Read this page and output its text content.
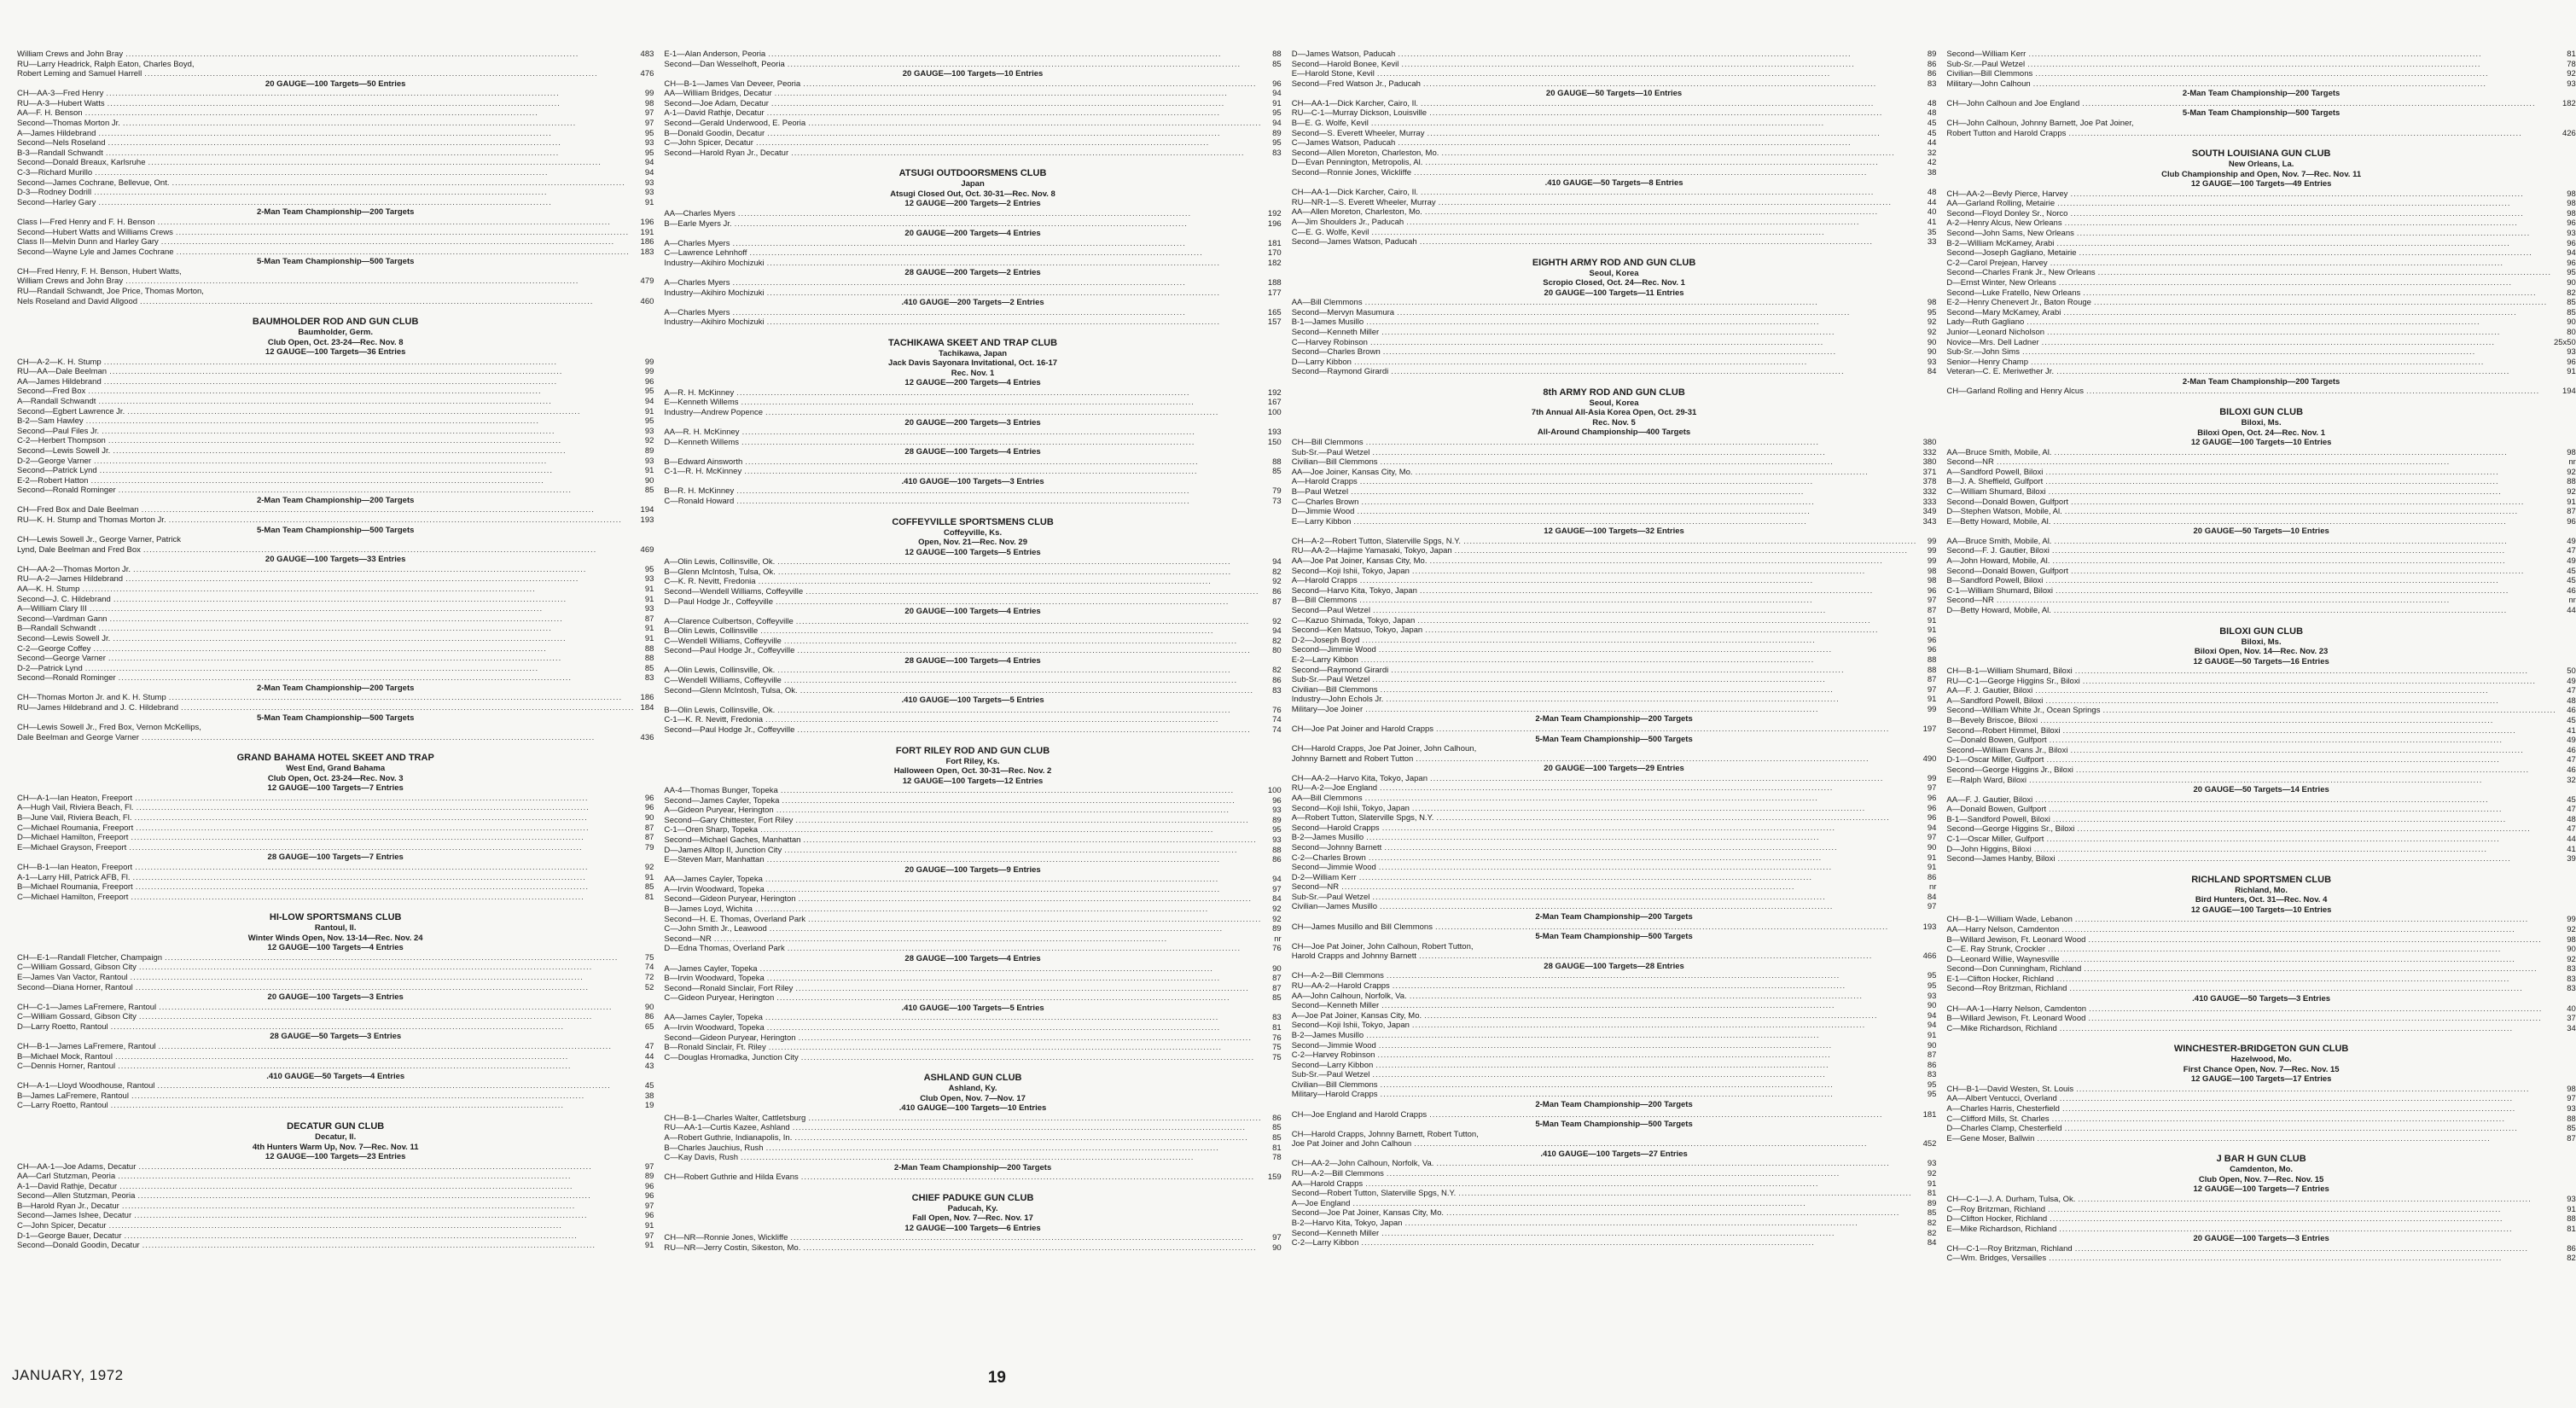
William Crews and John Bray .....	483
RU—Larry Headrick, Ralph Eaton, Charles Boyd,
Robert Leming and Samuel Harrell .....	476
20 GAUGE—100 Targets—50 Entries
CH—AA-3—Fred Henry .....	99
RU—A-3—Hubert Watts .....	98
AA—F. H. Benson .....	97
Second—Thomas Morton Jr. .....	97
A—James Hildebrand .....	95
Second—Nels Roseland .....	93
B-3—Randall Schwandt .....	95
Second—Donald Breaux, Karlsruhe .....	94
C-3—Richard Murillo .....	94
Second—James Cochrane, Bellevue, Ont. .....	93
D-3—Rodney Dodrill .....	93
Second—Harley Gary .....	91
2-Man Team Championship—200 Targets
Class I—Fred Henry and F. H. Benson .....	196
Second—Hubert Watts and Williams Crews .....	191
Class II—Melvin Dunn and Harley Gary .....	186
Second—Wayne Lyle and James Cochrane .....	183
5-Man Team Championship—500 Targets
CH—Fred Henry, F. H. Benson, Hubert Watts,
William Crews and John Bray .....	479
RU—Randall Schwandt, Joe Price, Thomas Morton,
Nels Roseland and David Allgood .....	460
BAUMHOLDER ROD AND GUN CLUB
Baumholder, Germ.
Club Open, Oct. 23-24—Rec. Nov. 8
12 GAUGE—100 Targets—36 Entries
CH—A-2—K. H. Stump .....	99
RU—AA—Dale Beelman .....	99
AA—James Hildebrand .....	96
Second—Fred Box .....	95
A—Randall Schwandt .....	94
Second—Egbert Lawrence Jr. .....	91
B-2—Sam Hawley .....	95
Second—Paul Files Jr. .....	93
C-2—Herbert Thompson .....	92
Second—Lewis Sowell Jr. .....	89
D-2—George Varner .....	93
Second—Patrick Lynd .....	91
E-2—Robert Hatton .....	90
Second—Ronald Rominger .....	85
2-Man Team Championship—200 Targets
CH—Fred Box and Dale Beelman .....	194
RU—K. H. Stump and Thomas Morton Jr. .....	193
5-Man Team Championship—500 Targets
CH—Lewis Sowell Jr., George Varner, Patrick
Lynd, Dale Beelman and Fred Box .....	469
20 GAUGE—100 Targets—33 Entries
CH—AA-2—Thomas Morton Jr. .....	95
RU—A-2—James Hildebrand .....	93
AA—K. H. Stump .....	91
Second—J. C. Hildebrand .....	91
A—William Clary III .....	93
Second—Vardman Gann .....	87
B—Randall Schwandt .....	91
Second—Lewis Sowell Jr. .....	91
C-2—George Coffey .....	88
Second—George Varner .....	88
D-2—Patrick Lynd .....	85
Second—Ronald Rominger .....	83
2-Man Team Championship—200 Targets
CH—Thomas Morton Jr. and K. H. Stump .....	186
RU—James Hildebrand and J. C. Hildebrand .....	184
5-Man Team Championship—500 Targets
CH—Lewis Sowell Jr., Fred Box, Vernon McKellips,
Dale Beelman and George Varner .....	436
GRAND BAHAMA HOTEL SKEET AND TRAP
West End, Grand Bahama
Club Open, Oct. 23-24—Rec. Nov. 3
12 GAUGE—100 Targets—7 Entries
CH—A-1—Ian Heaton, Freeport .....	96
A—Hugh Vail, Riviera Beach, Fl. .....	96
B—June Vail, Riviera Beach, Fl. .....	90
C—Michael Roumania, Freeport .....	87
D—Michael Hamilton, Freeport .....	87
E—Michael Grayson, Freeport .....	79
28 GAUGE—100 Targets—7 Entries
CH—B-1—Ian Heaton, Freeport .....	92
A-1—Larry Hill, Patrick AFB, Fl. .....	91
B—Michael Roumania, Freeport .....	85
C—Michael Hamilton, Freeport .....	81
HI-LOW SPORTSMANS CLUB
Rantoul, Il.
Winter Winds Open, Nov. 13-14—Rec. Nov. 24
12 GAUGE—100 Targets—4 Entries
CH—E-1—Randall Fletcher, Champaign .....	75
C—William Gossard, Gibson City .....	74
E—James Van Vactor, Rantoul .....	72
Second—Diana Horner, Rantoul .....	52
20 GAUGE—100 Targets—3 Entries
CH—C-1—James LaFremere, Rantoul .....	90
C—William Gossard, Gibson City .....	86
D—Larry Roetto, Rantoul .....	65
28 GAUGE—50 Targets—3 Entries
CH—B-1—James LaFremere, Rantoul .....	47
B—Michael Mock, Rantoul .....	44
C—Dennis Horner, Rantoul .....	43
.410 GAUGE—50 Targets—4 Entries
CH—A-1—Lloyd Woodhouse, Rantoul .....	45
B—James LaFremere, Rantoul .....	38
C—Larry Roetto, Rantoul .....	19
DECATUR GUN CLUB
Decatur, Il.
4th Hunters Warm Up, Nov. 7—Rec. Nov. 11
12 GAUGE—100 Targets—23 Entries
CH—AA-1—Joe Adams, Decatur .....	97
AA—Carl Stutzman, Peoria .....	89
A-1—David Rathje, Decatur .....	96
Second—Allen Stutzman, Peoria .....	96
B—Harold Ryan Jr., Decatur .....	97
Second—James Ishee, Decatur .....	96
C—John Spicer, Decatur .....	91
D-1—George Bauer, Decatur .....	97
Second—Donald Goodin, Decatur .....	91
E-1—Alan Anderson, Peoria .....	88
Second—Dan Wesselhoft, Peoria .....	85
20 GAUGE—100 Targets—10 Entries
CH—B-1—James Van Deveer, Peoria .....	96
AA—William Bridges, Decatur .....	94
Second—Joe Adam, Decatur .....	91
A-1—David Rathje, Decatur .....	95
Second—Gerald Underwood, E. Peoria .....	94
B—Donald Goodin, Decatur .....	89
C—John Spicer, Decatur .....	95
Second—Harold Ryan Jr., Decatur .....	83
ATSUGI OUTDOORSMENS CLUB
Japan
Atsugi Closed Out, Oct. 30-31—Rec. Nov. 8
12 GAUGE—200 Targets—2 Entries
AA—Charles Myers .....	192
B—Earle Myers Jr. .....	196
20 GAUGE—200 Targets—4 Entries
A—Charles Myers .....	181
C—Lawrence Lehnhoff .....	170
Industry—Akihiro Mochizuki .....	182
28 GAUGE—200 Targets—2 Entries
A—Charles Myers .....	188
Industry—Akihiro Mochizuki .....	177
.410 GAUGE—200 Targets—2 Entries
A—Charles Myers .....	165
Industry—Akihiro Mochizuki .....	157
TACHIKAWA SKEET AND TRAP CLUB
Tachikawa, Japan
Jack Davis Sayonara Invitational, Oct. 16-17
Rec. Nov. 1
12 GAUGE—200 Targets—4 Entries
A—R. H. McKinney .....	192
E—Kenneth Willems .....	167
Industry—Andrew Popence .....	100
20 GAUGE—200 Targets—3 Entries
AA—R. H. McKinney .....	193
D—Kenneth Willems .....	150
28 GAUGE—100 Targets—4 Entries
B—Edward Ainsworth .....	88
C-1—R. H. McKinney .....	85
.410 GAUGE—100 Targets—3 Entries
B—R. H. McKinney .....	79
C—Ronald Howard .....	73
COFFEYVILLE SPORTSMENS CLUB
Coffeyville, Ks.
Open, Nov. 21—Rec. Nov. 29
12 GAUGE—100 Targets—5 Entries
A—Olin Lewis, Collinsville, Ok. .....	94
B—Glenn McIntosh, Tulsa, Ok. .....	82
C—K. R. Nevitt, Fredonia .....	92
Second—Wendell Williams, Coffeyville .....	86
D—Paul Hodge Jr., Coffeyville .....	87
20 GAUGE—100 Targets—4 Entries
A—Clarence Culbertson, Coffeyville .....	92
B—Olin Lewis, Collinsville .....	94
C—Wendell Williams, Coffeyville .....	82
Second—Paul Hodge Jr., Coffeyville .....	80
28 GAUGE—100 Targets—4 Entries
A—Olin Lewis, Collinsville, Ok. .....	82
C—Wendell Williams, Coffeyville .....	86
Second—Glenn McIntosh, Tulsa, Ok. .....	83
.410 GAUGE—100 Targets—5 Entries
B—Olin Lewis, Collinsville, Ok. .....	76
C-1—K. R. Nevitt, Fredonia .....	74
Second—Paul Hodge Jr., Coffeyville .....	74
FORT RILEY ROD AND GUN CLUB
Fort Riley, Ks.
Halloween Open, Oct. 30-31—Rec. Nov. 2
12 GAUGE—100 Targets—12 Entries
AA-4—Thomas Bunger, Topeka .....	100
Second—James Cayler, Topeka .....	96
A—Gideon Puryear, Herington .....	93
Second—Gary Chittester, Fort Riley .....	89
C-1—Oren Sharp, Topeka .....	95
Second—Michael Gaches, Manhattan .....	93
D—James Alltop II, Junction City .....	88
E—Steven Marr, Manhattan .....	86
20 GAUGE—100 Targets—9 Entries
AA—James Cayler, Topeka .....	94
A—Irvin Woodward, Topeka .....	97
Second—Gideon Puryear, Herington .....	84
B—James Loyd, Wichita .....	92
Second—H. E. Thomas, Overland Park .....	92
C—John Smith Jr., Leawood .....	89
Second—NR .....	nr
D—Edna Thomas, Overland Park .....	76
28 GAUGE—100 Targets—4 Entries
A—James Cayler, Topeka .....	90
B—Irvin Woodward, Topeka .....	87
Second—Ronald Sinclair, Fort Riley .....	87
C—Gideon Puryear, Herington .....	85
.410 GAUGE—100 Targets—5 Entries
AA—James Cayler, Topeka .....	83
A—Irvin Woodward, Topeka .....	81
Second—Gideon Puryear, Herington .....	76
B—Ronald Sinclair, Ft. Riley .....	75
C—Douglas Hromadka, Junction City .....	75
ASHLAND GUN CLUB
Ashland, Ky.
Club Open, Nov. 7—Nov. 17
.410 GAUGE—100 Targets—10 Entries
CH—B-1—Charles Walter, Cattletsburg .....	86
RU—AA-1—Curtis Kazee, Ashland .....	85
A—Robert Guthrie, Indianapolis, In. .....	85
B—Charles Jauchius, Rush .....	81
C—Kay Davis, Rush .....	78
2-Man Team Championship—200 Targets
CH—Robert Guthrie and Hilda Evans .....	159
CHIEF PADUKE GUN CLUB
Paducah, Ky.
Fall Open, Nov. 7—Rec. Nov. 17
12 GAUGE—100 Targets—6 Entries
CH—NR—Ronnie Jones, Wickliffe .....	97
RU—NR—Jerry Costin, Sikeston, Mo. .....	90
D—James Watson, Paducah .....	89
Second—Harold Bonee, Kevil .....	86
E—Harold Stone, Kevil .....	86
Second—Fred Watson Jr., Paducah .....	83
20 GAUGE—50 Targets—10 Entries
CH—AA-1—Dick Karcher, Cairo, Il. .....	48
RU—C-1—Murray Dickson, Louisville .....	48
B—E. G. Wolfe, Kevil .....	45
Second—S. Everett Wheeler, Murray .....	45
C—James Watson, Paducah .....	44
Second—Allen Moreton, Charleston, Mo. .....	32
D—Evan Pennington, Metropolis, Al. .....	42
Second—Ronnie Jones, Wickliffe .....	38
.410 GAUGE—50 Targets—8 Entries
CH—AA-1—Dick Karcher, Cairo, Il. .....	48
RU—NR-1—S. Everett Wheeler, Murray .....	44
AA—Allen Moreton, Charleston, Mo. .....	40
A—Jim Shoulders Jr., Paducah .....	41
C—E. G. Wolfe, Kevil .....	35
Second—James Watson, Paducah .....	33
EIGHTH ARMY ROD AND GUN CLUB
Seoul, Korea
Scropio Closed, Oct. 24—Rec. Nov. 1
20 GAUGE—100 Targets—11 Entries
AA—Bill Clemmons .....	98
Second—Mervyn Masumura .....	95
B-1—James Musillo .....	92
Second—Kenneth Miller .....	92
C—Harvey Robinson .....	90
Second—Charles Brown .....	90
D—Larry Kibbon .....	93
Second—Raymond Girardi .....	84
8th ARMY ROD AND GUN CLUB
Seoul, Korea
7th Annual All-Asia Korea Open, Oct. 29-31
Rec. Nov. 5
All-Around Championship—400 Targets
CH—Bill Clemmons .....	380
Sub-Sr.—Paul Wetzel .....	332
Civilian—Bill Clemmons .....	380
AA—Joe Joiner, Kansas City, Mo. .....	371
A—Harold Crapps .....	378
B—Paul Wetzel .....	332
C—Charles Brown .....	333
D—Jimmie Wood .....	349
E—Larry Kibbon .....	343
12 GAUGE—100 Targets—32 Entries
CH—A-2—Robert Tutton, Slaterville Spgs, N.Y. .....	99
RU—AA-2—Hajime Yamasaki, Tokyo, Japan .....	99
AA—Joe Pat Joiner, Kansas City, Mo. .....	99
Second—Koji Ishii, Tokyo, Japan .....	98
A—Harold Crapps .....	98
Second—Harvo Kita, Tokyo, Japan .....	96
B—Bill Clemmons .....	97
Second—Paul Wetzel .....	87
C—Kazuo Shimada, Tokyo, Japan .....	91
Second—Ken Matsuo, Tokyo, Japan .....	91
D-2—Joseph Boyd .....	96
Second—Jimmie Wood .....	96
E-2—Larry Kibbon .....	88
Second—Raymond Girardi .....	88
Sub-Sr.—Paul Wetzel .....	87
Civilian—Bill Clemmons .....	97
Industry—John Echols Jr. .....	91
Military—Joe Joiner .....	99
2-Man Team Championship—200 Targets
CH—Joe Pat Joiner and Harold Crapps .....	197
5-Man Team Championship—500 Targets
CH—Harold Crapps, Joe Pat Joiner, John Calhoun,
Johnny Barnett and Robert Tutton .....	490
20 GAUGE—100 Targets—29 Entries
CH—AA-2—Harvo Kita, Tokyo, Japan .....	99
RU—A-2—Joe England .....	97
AA—Bill Clemmons .....	96
Second—Koji Ishii, Tokyo, Japan .....	96
A—Robert Tutton, Slaterville Spgs, N.Y. .....	96
Second—Harold Crapps .....	94
B-2—James Musillo .....	97
Second—Johnny Barnett .....	90
C-2—Charles Brown .....	91
Second—Jimmie Wood .....	91
D-2—William Kerr .....	86
Second—NR .....	nr
Sub-Sr.—Paul Wetzel .....	84
Civilian—James Musillo .....	97
2-Man Team Championship—200 Targets
CH—James Musillo and Bill Clemmons .....	193
5-Man Team Championship—500 Targets
CH—Joe Pat Joiner, John Calhoun, Robert Tutton,
Harold Crapps and Johnny Barnett .....	466
28 GAUGE—100 Targets—28 Entries
CH—A-2—Bill Clemmons .....	95
RU—AA-2—Harold Crapps .....	95
AA—John Calhoun, Norfolk, Va. .....	93
Second—Kenneth Miller .....	90
A—Joe Pat Joiner, Kansas City, Mo. .....	94
Second—Koji Ishii, Tokyo, Japan .....	94
B-2—James Musillo .....	91
Second—Jimmie Wood .....	90
C-2—Harvey Robinson .....	87
Second—Larry Kibbon .....	86
Sub-Sr.—Paul Wetzel .....	83
Civilian—Bill Clemmons .....	95
Military—Harold Crapps .....	95
2-Man Team Championship—200 Targets
CH—Joe England and Harold Crapps .....	181
5-Man Team Championship—500 Targets
CH—Harold Crapps, Johnny Barnett, Robert Tutton,
Joe Pat Joiner and John Calhoun .....	452
.410 GAUGE—100 Targets—27 Entries
CH—AA-2—John Calhoun, Norfolk, Va. .....	93
RU—A-2—Bill Clemmons .....	92
AA—Harold Crapps .....	91
Second—Robert Tutton, Slaterville Spgs, N.Y. .....	81
A—Joe England .....	89
Second—Joe Pat Joiner, Kansas City, Mo. .....	85
B-2—Harvo Kita, Tokyo, Japan .....	82
Second—Kenneth Miller .....	82
C-2—Larry Kibbon .....	84
Second—William Kerr .....	81
Sub-Sr.—Paul Wetzel .....	78
Civilian—Bill Clemmons .....	92
Military—John Calhoun .....	93
2-Man Team Championship—200 Targets
CH—John Calhoun and Joe England .....	182
5-Man Team Championship—500 Targets
CH—John Calhoun, Johnny Barnett, Joe Pat Joiner,
Robert Tutton and Harold Crapps .....	426
SOUTH LOUISIANA GUN CLUB
New Orleans, La.
Club Championship and Open, Nov. 7—Rec. Nov. 11
12 GAUGE—100 Targets—49 Entries
CH—AA-2—Bevly Pierce, Harvey .....	98
AA—Garland Rolling, Metairie .....	98
Second—Floyd Donley Sr., Norco .....	98
A-2—Henry Alcus, New Orleans .....	96
Second—John Sams, New Orleans .....	93
B-2—William McKamey, Arabi .....	96
Second—Joseph Gagliano, Metairie .....	94
C-2—Carol Prejean, Harvey .....	96
Second—Charles Frank Jr., New Orleans .....	95
D—Ernst Winter, New Orleans .....	90
Second—Luke Fratello, New Orleans .....	82
E-2—Henry Chenevert Jr., Baton Rouge .....	85
Second—Mary McKamey, Arabi .....	85
Lady—Ruth Gagliano .....	90
Junior—Leonard Nicholson .....	80
Novice—Mrs. Dell Ladner .....	25x50
Sub-Sr.—John Sims .....	93
Senior—Henry Champ .....	96
Veteran—C. E. Meriwether Jr. .....	91
2-Man Team Championship—200 Targets
CH—Garland Rolling and Henry Alcus .....	194
BILOXI GUN CLUB
Biloxi, Ms.
Biloxi Open, Oct. 24—Rec. Nov. 1
12 GAUGE—100 Targets—10 Entries
AA—Bruce Smith, Mobile, Al. .....	98
Second—NR .....	nr
A—Sandford Powell, Biloxi .....	92
B—J. A. Sheffield, Gulfport .....	88
C—William Shumard, Biloxi .....	92
Second—Donald Bowen, Gulfport .....	91
D—Stephen Watson, Mobile, Al. .....	87
E—Betty Howard, Mobile, Al. .....	96
20 GAUGE—50 Targets—10 Entries
AA—Bruce Smith, Mobile, Al. .....	49
Second—F. J. Gautier, Biloxi .....	47
A—John Howard, Mobile, Al. .....	49
Second—Donald Bowen, Gulfport .....	45
B—Sandford Powell, Biloxi .....	45
C-1—William Shumard, Biloxi .....	46
Second—NR .....	nr
D—Betty Howard, Mobile, Al. .....	44
BILOXI GUN CLUB
Biloxi, Ms.
Biloxi Open, Nov. 14—Rec. Nov. 23
12 GAUGE—50 Targets—16 Entries
CH—B-1—William Shumard, Biloxi .....	50
RU—C-1—George Higgins Sr., Biloxi .....	49
AA—F. J. Gautier, Biloxi .....	47
A—Sandford Powell, Biloxi .....	48
Second—William White Jr., Ocean Springs .....	46
B—Bevely Briscoe, Biloxi .....	45
Second—Robert Himmel, Biloxi .....	41
C—Donald Bowen, Gulfport .....	49
Second—William Evans Jr., Biloxi .....	46
D-1—Oscar Miller, Gulfport .....	47
Second—George Higgins Jr., Biloxi .....	46
E—Ralph Ward, Biloxi .....	32
20 GAUGE—50 Targets—14 Entries
AA—F. J. Gautier, Biloxi .....	45
A—Donald Bowen, Gulfport .....	47
B-1—Sandford Powell, Biloxi .....	48
Second—George Higgins Sr., Biloxi .....	47
C-1—Oscar Miller, Gulfport .....	44
D—John Higgins, Biloxi .....	41
Second—James Hanby, Biloxi .....	39
RICHLAND SPORTSMEN CLUB
Richland, Mo.
Bird Hunters, Oct. 31—Rec. Nov. 4
12 GAUGE—100 Targets—10 Entries
CH—B-1—William Wade, Lebanon .....	99
AA—Harry Nelson, Camdenton .....	92
B—Willard Jewison, Ft. Leonard Wood .....	98
C—E. Ray Strunk, Crockler .....	90
D—Leonard Willie, Waynesville .....	92
Second—Don Cunningham, Richland .....	83
E-1—Clifton Hocker, Richland .....	83
Second—Roy Britzman, Richland .....	83
.410 GAUGE—50 Targets—3 Entries
CH—AA-1—Harry Nelson, Camdenton .....	40
B—Willard Jewison, Ft. Leonard Wood .....	37
C—Mike Richardson, Richland .....	34
WINCHESTER-BRIDGETON GUN CLUB
Hazelwood, Mo.
First Chance Open, Nov. 7—Rec. Nov. 15
12 GAUGE—100 Targets—17 Entries
CH—B-1—David Westen, St. Louis .....	98
AA—Albert Ventucci, Overland .....	97
A—Charles Harris, Chesterfield .....	93
C—Clifford Mills, St. Charles .....	88
D—Charles Clamp, Chesterfield .....	85
E—Gene Moser, Ballwin .....	87
J BAR H GUN CLUB
Camdenton, Mo.
Club Open, Nov. 7—Rec. Nov. 15
12 GAUGE—100 Targets—7 Entries
CH—C-1—J. A. Durham, Tulsa, Ok. .....	93
C—Roy Britzman, Richland .....	91
D—Clifton Hocker, Richland .....	88
E—Mike Richardson, Richland .....	81
20 GAUGE—100 Targets—3 Entries
CH—C-1—Roy Britzman, Richland .....	86
C—Wm. Bridges, Versailles .....	82
JANUARY, 1972	19
